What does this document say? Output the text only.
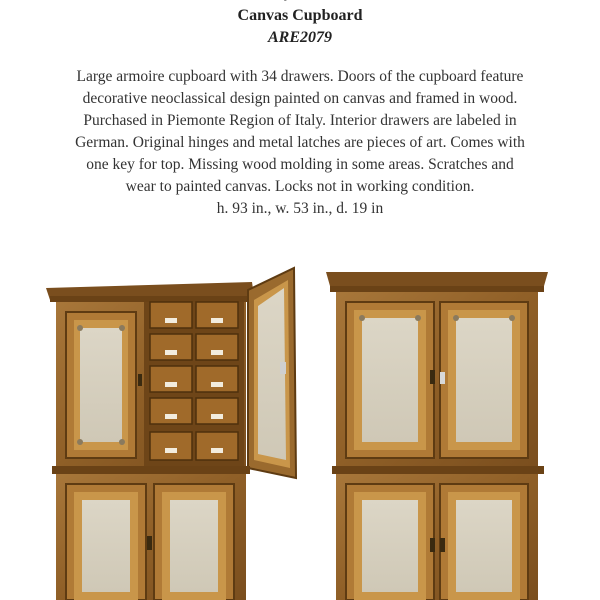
Canvas Cupboard
ARE2079
Large armoire cupboard with 34 drawers. Doors of the cupboard feature
decorative neoclassical design painted on canvas and framed in wood.
Purchased in Piemonte Region of Italy. Interior drawers are labeled in
German. Original hinges and metal latches are pieces of art. Comes with
one key for top. Missing wood molding in some areas. Scratches and
wear to painted canvas. Locks not in working condition.
h. 93 in., w. 53 in., d. 19 in
